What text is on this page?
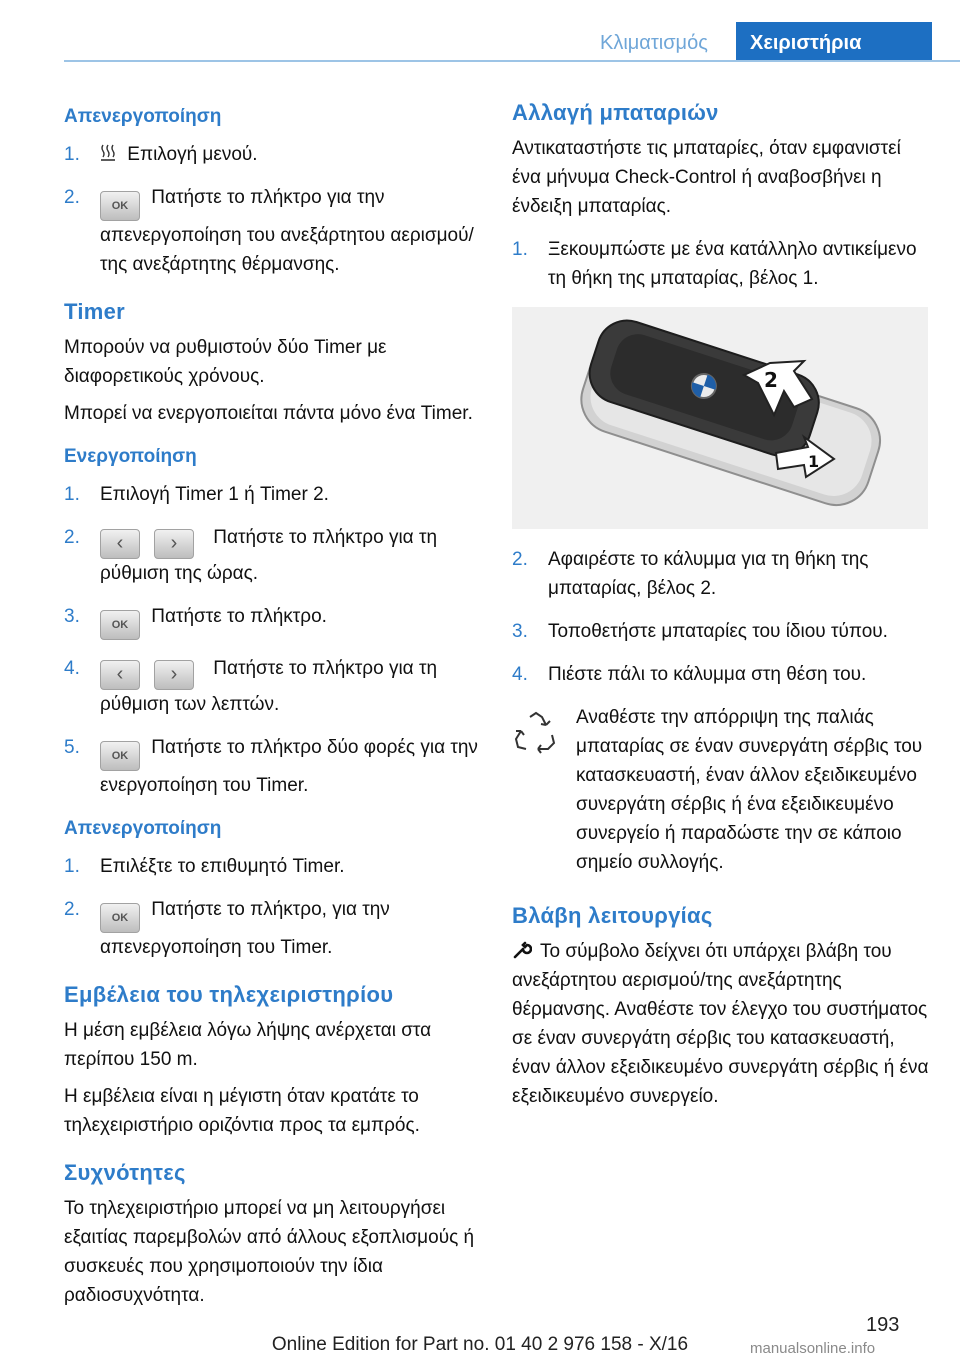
Κλιματισμός	Χειριστήρια
Απενεργοποίηση
1. Επιλογή μενού.
2.	OK Πατήστε το πλήκτρο για την απενεργοποίηση του ανεξάρτητου αερισμού/της ανεξάρτητης θέρμανσης.
Timer

Μπορούν να ρυθμιστούν δύο Timer με διαφορετικούς χρόνους.

Μπορεί να ενεργοποιείται πάντα μόνο ένα Timer.

Ενεργοποίηση
1. Επιλογή Timer 1 ή Timer 2.
2. ‹ › Πατήστε το πλήκτρο για τη ρύθμιση της ώρας.
3.	OK Πατήστε το πλήκτρο.
4. ‹ › Πατήστε το πλήκτρο για τη ρύθμιση των λεπτών.
5.	OK Πατήστε το πλήκτρο δύο φορές για την ενεργοποίηση του Timer.
Απενεργοποίηση
1. Επιλέξτε το επιθυμητό Timer.
2.	OK Πατήστε το πλήκτρο, για την απενεργοποίηση του Timer.
Εμβέλεια του τηλεχειριστηρίου

Η μέση εμβέλεια λόγω λήψης ανέρχεται στα περίπου 150 m.

Η εμβέλεια είναι η μέγιστη όταν κρατάτε το τηλεχειριστήριο οριζόντια προς τα εμπρός.

Συχνότητες

Το τηλεχειριστήριο μπορεί να μη λειτουργήσει εξαιτίας παρεμβολών από άλλους εξοπλισμούς ή συσκευές που χρησιμοποιούν την ίδια ραδιοσυχνότητα.

Αλλαγή μπαταριών

Αντικαταστήστε τις μπαταρίες, όταν εμφανιστεί ένα μήνυμα Check-Control ή αναβοσβήνει η ένδειξη μπαταρίας.

1. Ξεκουμπώστε με ένα κατάλληλο αντικείμενο τη θήκη της μπαταρίας, βέλος 1.
2
1
2. Αφαιρέστε το κάλυμμα για τη θήκη της μπαταρίας, βέλος 2.
3. Τοποθετήστε μπαταρίες του ίδιου τύπου.
4. Πιέστε πάλι το κάλυμμα στη θέση του.
Αναθέστε την απόρριψη της παλιάς μπαταρίας σε έναν συνεργάτη σέρβις του κατασκευαστή, έναν άλλον εξειδικευμένο συνεργάτη σέρβις ή ένα εξειδικευμένο συνεργείο ή παραδώστε την σε κάποιο σημείο συλλογής.
Βλάβη λειτουργίας

Το σύμβολο δείχνει ότι υπάρχει βλάβη του ανεξάρτητου αερισμού/της ανεξάρτητης θέρμανσης. Αναθέστε τον έλεγχο του συστήματος σε έναν συνεργάτη σέρβις του κατασκευαστή, έναν άλλον εξειδικευμένο συνεργάτη σέρβις ή ένα εξειδικευμένο συνεργείο.

193
Online Edition for Part no. 01 40 2 976 158 - X/16	manualsonline.info
